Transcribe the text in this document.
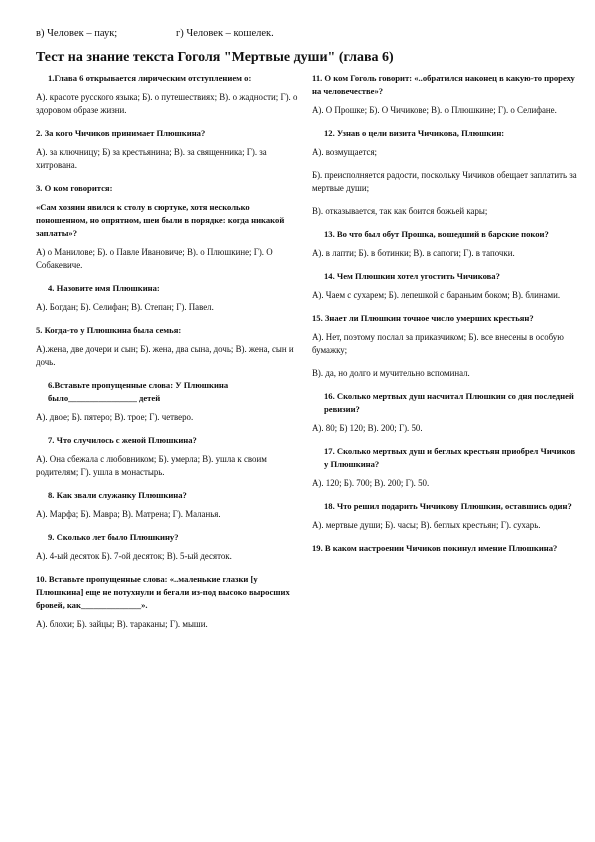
в) Человек – паук;	г) Человек – кошелек.
Тест на знание текста Гоголя "Мертвые души" (глава 6)
1.Глава 6 открывается лирическим отступлением о:
А). красоте русского языка; Б). о путешествиях; В). о жадности; Г). о здоровом образе жизни.
2. За кого Чичиков принимает Плюшкина?
А). за ключницу; Б) за крестьянина; В). за священника; Г). за хитрована.
3. О ком говорится:
«Сам хозяин явился к столу в сюртуке, хотя несколько поношенном, но опрятном, шеи были в порядке: когда никакой заплаты»?
А) о Манилове; Б). о Павле Ивановиче; В). о Плюшкине; Г). О Собакевиче.
4. Назовите имя Плюшкина:
А). Богдан; Б). Селифан; В). Степан; Г). Павел.
5. Когда-то у Плюшкина была семья:
А).жена, две дочери и сын; Б). жена, два сына, дочь; В). жена, сын и дочь.
6.Вставьте пропущенные слова: У Плюшкина было________________ детей
А). двое; Б). пятеро; В). трое; Г). четверо.
7. Что случилось с женой Плюшкина?
А). Она сбежала с любовником; Б). умерла; В). ушла к своим родителям; Г). ушла в монастырь.
8. Как звали служанку Плюшкина?
А). Марфа; Б). Мавра; В). Матрена; Г). Маланья.
9. Сколько лет было Плюшкину?
А). 4-ый десяток Б). 7-ой десяток; В). 5-ый десяток.
10. Вставьте пропущенные слова: «..маленькие глазки [у Плюшкина] еще не потухнули и бегали из-под высоко выросших бровей, как______________».
А). блохи; Б). зайцы; В). тараканы; Г). мыши.
11. О ком Гоголь говорит: «..обратился наконец в какую-то прореху на человечестве»?
А). О Прошке; Б). О Чичикове; В). о Плюшкине; Г). о Селифане.
12. Узнав о цели визита Чичикова, Плюшкин:
А). возмущается;
Б). преисполняется радости, поскольку Чичиков обещает заплатить за мертвые души;
В). отказывается, так как боится божьей кары;
13. Во что был обут Прошка, вошедший в барские покои?
А). в лапти; Б). в ботинки; В). в сапоги; Г). в тапочки.
14. Чем Плюшкин хотел угостить Чичикова?
А). Чаем с сухарем; Б). лепешкой с бараньим боком; В). блинами.
15. Знает ли Плюшкин точное число умерших крестьян?
А). Нет, поэтому послал за приказчиком; Б). все внесены в особую бумажку;
В). да, но долго и мучительно вспоминал.
16. Сколько мертвых душ насчитал Плюшкин со дня последней ревизии?
А). 80; Б) 120; В). 200; Г). 50.
17. Сколько мертвых душ и беглых крестьян приобрел Чичиков у Плюшкина?
А). 120; Б). 700; В). 200; Г). 50.
18. Что решил подарить Чичикову Плюшкин, оставшись один?
А). мертвые души; Б). часы; В). беглых крестьян; Г). сухарь.
19. В каком настроении Чичиков покинул имение Плюшкина?
